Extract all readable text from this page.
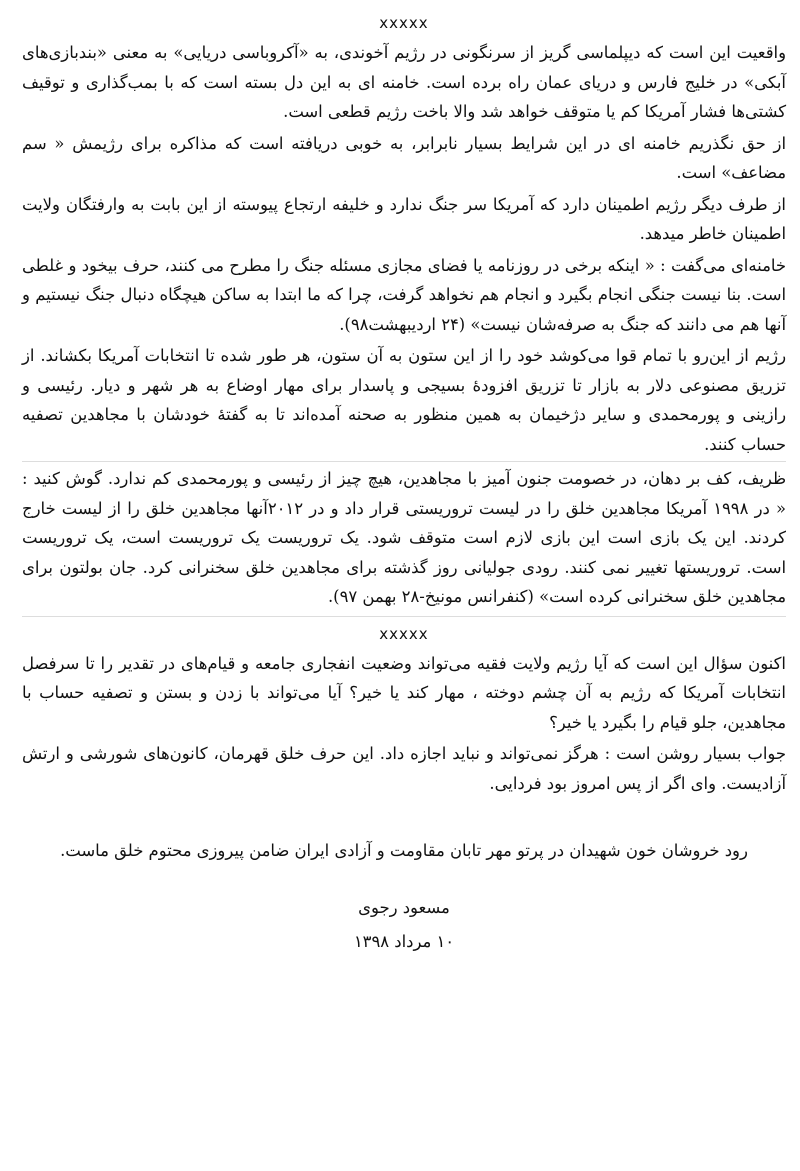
xxxxx

واقعیت این است که دیپلماسی گریز از سرنگونی در رژیم آخوندی، به «آکروباسی دریایی» به معنی «بندبازی‌های آبکی» در خلیج فارس و دریای عمان راه برده است. خامنه ای به این دل بسته است که با بمب‌گذاری و توقیف کشتی‌ها فشار آمریکا کم یا متوقف خواهد شد والا باخت رژیم قطعی است.

از حق نگذریم خامنه ای در این شرایط بسیار نابرابر، به خوبی دریافته است که مذاکره برای رژیمش « سم مضاعف» است.

از طرف دیگر رژیم اطمینان دارد که آمریکا سر جنگ ندارد و خلیفه ارتجاع پیوسته از این بابت به وارفتگان ولایت اطمینان خاطر میدهد.

خامنه‌ای می‌گفت : « اینکه برخی در روزنامه یا فضای مجازی مسئله جنگ را مطرح می کنند، حرف بیخود و غلطی است. بنا نیست جنگی انجام بگیرد و انجام هم نخواهد گرفت، چرا که ما ابتدا به ساکن هیچگاه دنبال جنگ نیستیم و آنها هم می دانند که جنگ به صرفه‌شان نیست» (۲۴ اردیبهشت۹۸).

رژیم از این‌رو با تمام قوا می‌کوشد خود را از این ستون به آن ستون، هر طور شده تا انتخابات آمریکا بکشاند. از تزریق مصنوعی دلار به بازار تا تزریق افزودهٔ بسیجی و پاسدار برای مهار اوضاع به هر شهر و دیار. رئیسی و رازینی و پورمحمدی و سایر دژخیمان به همین منظور به صحنه آمده‌اند تا به گفتهٔ خودشان با مجاهدین تصفیه حساب کنند.

ظریف، کف بر دهان، در خصومت جنون آمیز با مجاهدین، هیچ چیز از رئیسی و پورمحمدی کم ندارد. گوش کنید : « در ۱۹۹۸ آمریکا مجاهدین خلق را در لیست تروریستی قرار داد و در ۲۰۱۲آنها مجاهدین خلق را از لیست خارج کردند. این یک بازی است این بازی لازم است متوقف شود. یک تروریست یک تروریست است، یک تروریست است. تروریستها تغییر نمی کنند. رودی جولیانی روز گذشته برای مجاهدین خلق سخنرانی کرد. جان بولتون برای مجاهدین خلق سخنرانی کرده است» (کنفرانس مونیخ-۲۸ بهمن ۹۷).

xxxxx

اکنون سؤال این است که آیا رژیم ولایت فقیه می‌تواند وضعیت انفجاری جامعه و قیام‌های در تقدیر را تا سرفصل انتخابات آمریکا که رژیم به آن چشم دوخته ، مهار کند یا خیر؟ آیا می‌تواند با زدن و بستن و تصفیه حساب با مجاهدین، جلو قیام را بگیرد یا خیر؟

جواب بسیار روشن است : هرگز نمی‌تواند و نباید اجازه داد. این حرف خلق قهرمان، کانون‌های شورشی و ارتش آزادیست. وای اگر از پس امروز بود فردایی.

رود خروشان خون شهیدان در پرتو مهر تابان مقاومت و آزادی ایران ضامن پیروزی محتوم خلق ماست.

مسعود رجوی
۱۰ مرداد ۱۳۹۸
